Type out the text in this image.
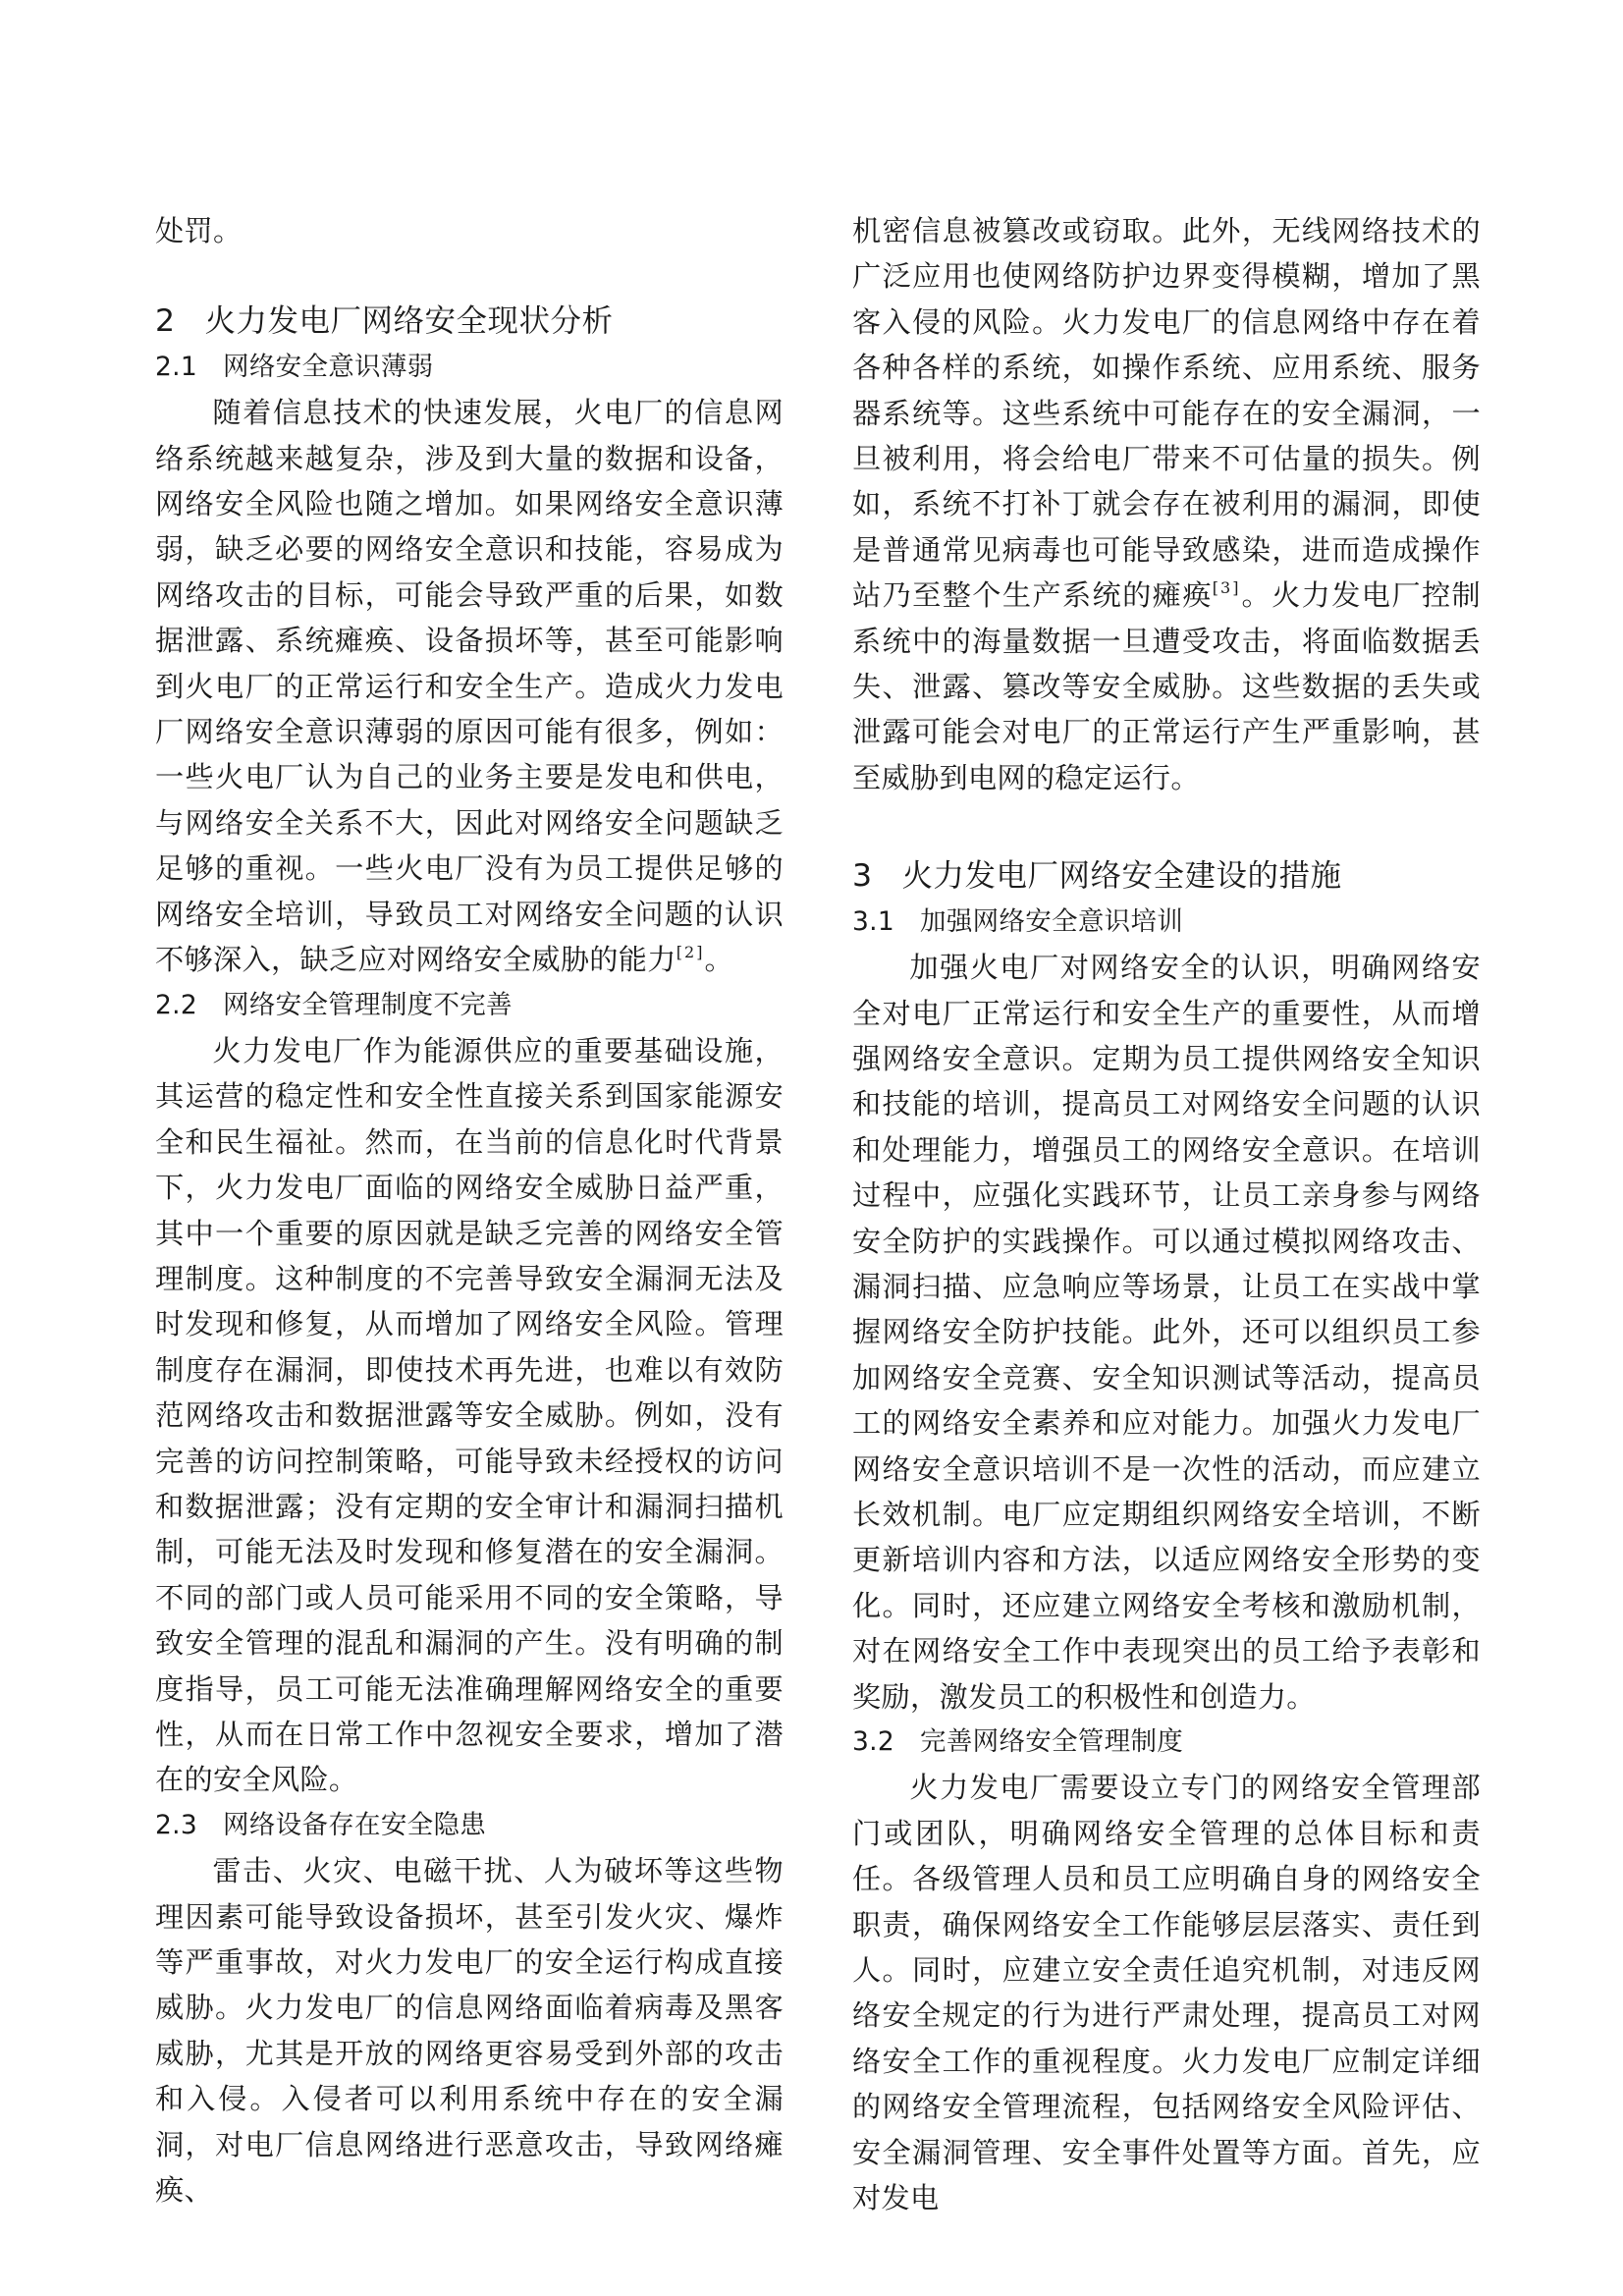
处罚。

2 火力发电厂网络安全现状分析
2.1 网络安全意识薄弱

随着信息技术的快速发展，火电厂的信息网络系统越来越复杂，涉及到大量的数据和设备，网络安全风险也随之增加。如果网络安全意识薄弱，缺乏必要的网络安全意识和技能，容易成为网络攻击的目标，可能会导致严重的后果，如数据泄露、系统瘫痪、设备损坏等，甚至可能影响到火电厂的正常运行和安全生产。造成火力发电厂网络安全意识薄弱的原因可能有很多，例如：一些火电厂认为自己的业务主要是发电和供电，与网络安全关系不大，因此对网络安全问题缺乏足够的重视。一些火电厂没有为员工提供足够的网络安全培训，导致员工对网络安全问题的认识不够深入，缺乏应对网络安全威胁的能力[2]。

2.2 网络安全管理制度不完善

火力发电厂作为能源供应的重要基础设施，其运营的稳定性和安全性直接关系到国家能源安全和民生福祉。然而，在当前的信息化时代背景下，火力发电厂面临的网络安全威胁日益严重，其中一个重要的原因就是缺乏完善的网络安全管理制度。这种制度的不完善导致安全漏洞无法及时发现和修复，从而增加了网络安全风险。管理制度存在漏洞，即使技术再先进，也难以有效防范网络攻击和数据泄露等安全威胁。例如，没有完善的访问控制策略，可能导致未经授权的访问和数据泄露；没有定期的安全审计和漏洞扫描机制，可能无法及时发现和修复潜在的安全漏洞。不同的部门或人员可能采用不同的安全策略，导致安全管理的混乱和漏洞的产生。没有明确的制度指导，员工可能无法准确理解网络安全的重要性，从而在日常工作中忽视安全要求，增加了潜在的安全风险。

2.3 网络设备存在安全隐患

雷击、火灾、电磁干扰、人为破坏等这些物理因素可能导致设备损坏，甚至引发火灾、爆炸等严重事故，对火力发电厂的安全运行构成直接威胁。火力发电厂的信息网络面临着病毒及黑客威胁，尤其是开放的网络更容易受到外部的攻击和入侵。入侵者可以利用系统中存在的安全漏洞，对电厂信息网络进行恶意攻击，导致网络瘫痪、

机密信息被篡改或窃取。此外，无线网络技术的广泛应用也使网络防护边界变得模糊，增加了黑客入侵的风险。火力发电厂的信息网络中存在着各种各样的系统，如操作系统、应用系统、服务器系统等。这些系统中可能存在的安全漏洞，一旦被利用，将会给电厂带来不可估量的损失。例如，系统不打补丁就会存在被利用的漏洞，即使是普通常见病毒也可能导致感染，进而造成操作站乃至整个生产系统的瘫痪[3]。火力发电厂控制系统中的海量数据一旦遭受攻击，将面临数据丢失、泄露、篡改等安全威胁。这些数据的丢失或泄露可能会对电厂的正常运行产生严重影响，甚至威胁到电网的稳定运行。

3 火力发电厂网络安全建设的措施
3.1 加强网络安全意识培训

加强火电厂对网络安全的认识，明确网络安全对电厂正常运行和安全生产的重要性，从而增强网络安全意识。定期为员工提供网络安全知识和技能的培训，提高员工对网络安全问题的认识和处理能力，增强员工的网络安全意识。在培训过程中，应强化实践环节，让员工亲身参与网络安全防护的实践操作。可以通过模拟网络攻击、漏洞扫描、应急响应等场景，让员工在实战中掌握网络安全防护技能。此外，还可以组织员工参加网络安全竞赛、安全知识测试等活动，提高员工的网络安全素养和应对能力。加强火力发电厂网络安全意识培训不是一次性的活动，而应建立长效机制。电厂应定期组织网络安全培训，不断更新培训内容和方法，以适应网络安全形势的变化。同时，还应建立网络安全考核和激励机制，对在网络安全工作中表现突出的员工给予表彰和奖励，激发员工的积极性和创造力。

3.2 完善网络安全管理制度

火力发电厂需要设立专门的网络安全管理部门或团队，明确网络安全管理的总体目标和责任。各级管理人员和员工应明确自身的网络安全职责，确保网络安全工作能够层层落实、责任到人。同时，应建立安全责任追究机制，对违反网络安全规定的行为进行严肃处理，提高员工对网络安全工作的重视程度。火力发电厂应制定详细的网络安全管理流程，包括网络安全风险评估、安全漏洞管理、安全事件处置等方面。首先，应对发电
